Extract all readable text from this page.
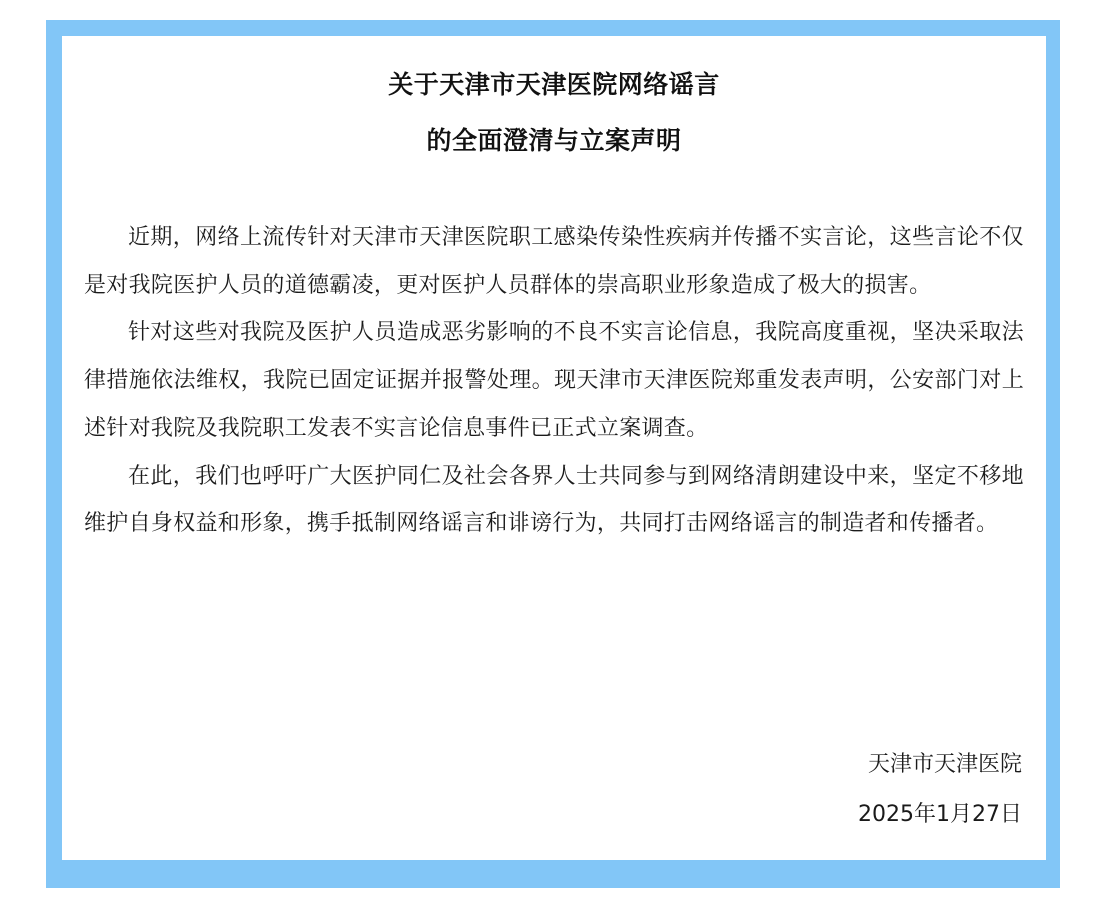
关于天津市天津医院网络谣言
的全面澄清与立案声明

近期，网络上流传针对天津市天津医院职工感染传染性疾病并传播不实言论，这些言论不仅是对我院医护人员的道德霸凌，更对医护人员群体的崇高职业形象造成了极大的损害。

针对这些对我院及医护人员造成恶劣影响的不良不实言论信息，我院高度重视，坚决采取法律措施依法维权，我院已固定证据并报警处理。现天津市天津医院郑重发表声明，公安部门对上述针对我院及我院职工发表不实言论信息事件已正式立案调查。

在此，我们也呼吁广大医护同仁及社会各界人士共同参与到网络清朗建设中来，坚定不移地维护自身权益和形象，携手抵制网络谣言和诽谤行为，共同打击网络谣言的制造者和传播者。

天津市天津医院
2025年1月27日
